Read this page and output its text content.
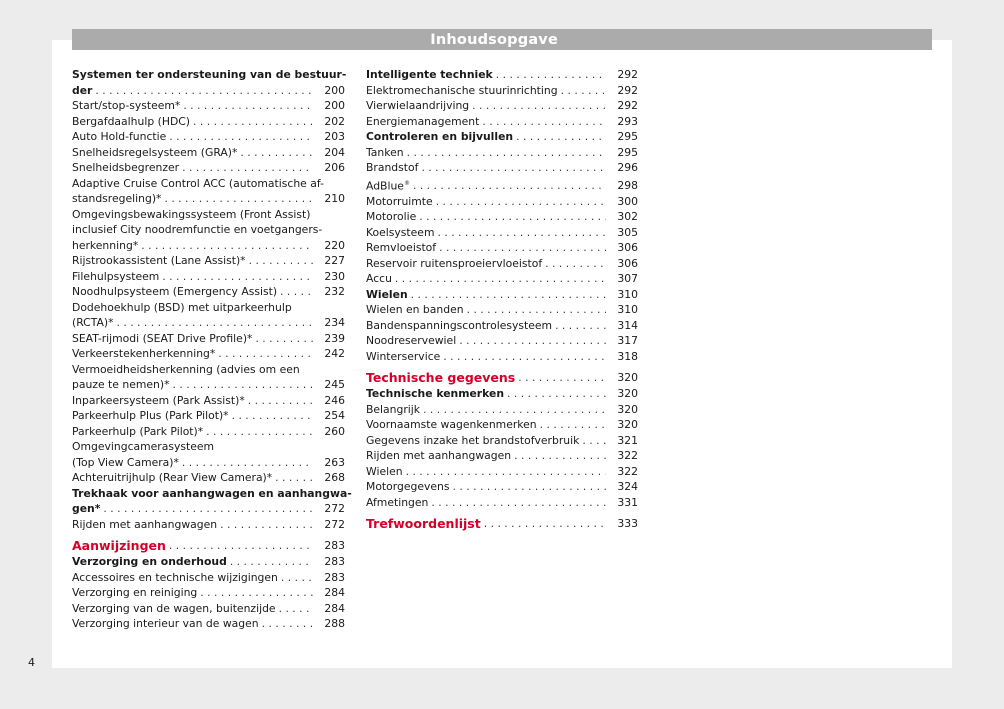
Inhoudsopgave
Systemen ter ondersteuning van de bestuur-
der . . .	200
Start/stop-systeem* . . .	200
Bergafdaalhulp (HDC) . . .	202
Auto Hold-functie . . .	203
Snelheidsregelsysteem (GRA)* . . .	204
Snelheidsbegrenzer . . .	206
Adaptive Cruise Control ACC (automatische af-
standsregeling)* . . .	210
Omgevingsbewakingssysteem (Front Assist)
inclusief City noodremfunctie en voetgangers-
herkenning* . . .	220
Rijstrookassistent (Lane Assist)* . . .	227
Filehulpsysteem . . .	230
Noodhulpsysteem (Emergency Assist) . . .	232
Dodehoekhulp (BSD) met uitparkeerhulp
(RCTA)* . . .	234
SEAT-rijmodi (SEAT Drive Profile)* . . .	239
Verkeerstekenherkenning* . . .	242
Vermoeidheidsherkenning (advies om een
pauze te nemen)* . . .	245
Inparkeersysteem (Park Assist)* . . .	246
Parkeerhulp Plus (Park Pilot)* . . .	254
Parkeerhulp (Park Pilot)* . . .	260
Omgevingcamerasysteem
(Top View Camera)* . . .	263
Achteruitrijhulp (Rear View Camera)* . . .	268
Trekhaak voor aanhangwagen en aanhangwa-
gen* . . .	272
Rijden met aanhangwagen . . .	272
Aanwijzingen . . .	283
Verzorging en onderhoud . . .	283
Accessoires en technische wijzigingen . . .	283
Verzorging en reiniging . . .	284
Verzorging van de wagen, buitenzijde . . .	284
Verzorging interieur van de wagen . . .	288
Intelligente techniek . . .	292
Elektromechanische stuurinrichting . . .	292
Vierwielaandrijving . . .	292
Energiemanagement . . .	293
Controleren en bijvullen . . .	295
Tanken . . .	295
Brandstof . . .	296
AdBlue® . . .	298
Motorruimte . . .	300
Motorolie . . .	302
Koelsysteem . . .	305
Remvloeistof . . .	306
Reservoir ruitensproeiervloeistof . . .	306
Accu . . .	307
Wielen . . .	310
Wielen en banden . . .	310
Bandenspanningscontrolesysteem . . .	314
Noodreservewiel . . .	317
Winterservice . . .	318
Technische gegevens . . .	320
Technische kenmerken . . .	320
Belangrijk . . .	320
Voornaamste wagenkenmerken . . .	320
Gegevens inzake het brandstofverbruik . . .	321
Rijden met aanhangwagen . . .	322
Wielen . . .	322
Motorgegevens . . .	324
Afmetingen . . .	331
Trefwoordenlijst . . .	333
4
